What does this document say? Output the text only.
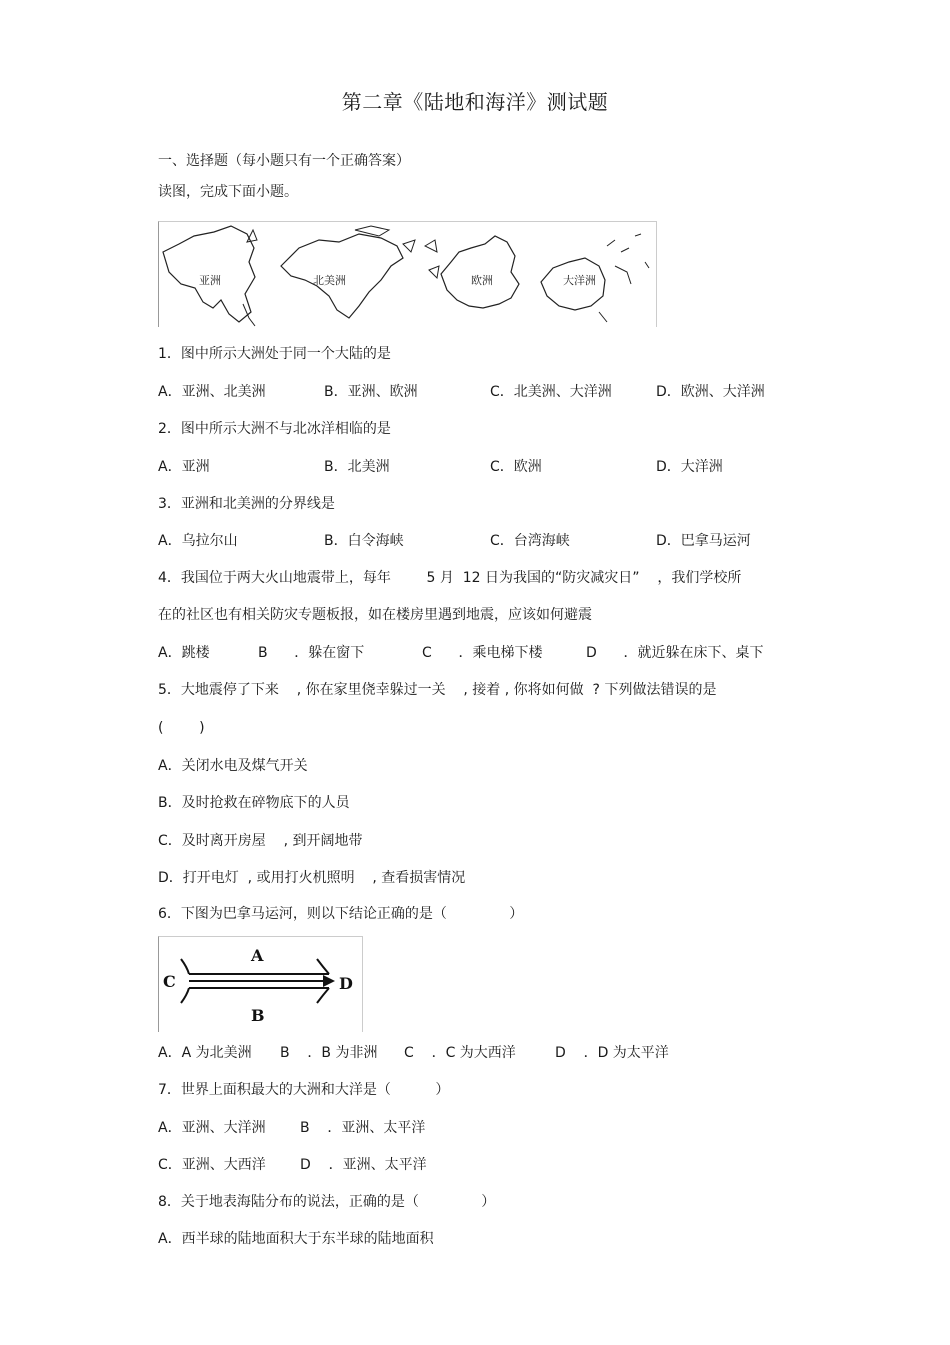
第二章《陆地和海洋》测试题
一、选择题（每小题只有一个正确答案）
读图，完成下面小题。
亚洲	北美洲	欧洲	大洋洲
1．图中所示大洲处于同一个大陆的是
A．亚洲、北美洲	B．亚洲、欧洲	C．北美洲、大洋洲	D．欧洲、大洋洲
2．图中所示大洲不与北冰洋相临的是
A．亚洲	B．北美洲	C．欧洲	D．大洋洲
3．亚洲和北美洲的分界线是
A．乌拉尔山	B．白令海峡	C．台湾海峡	D．巴拿马运河
4．我国位于两大火山地震带上，每年        5 月  12 日为我国的“防灾减灾日”    ，我们学校所
在的社区也有相关防灾专题板报，如在楼房里遇到地震，应该如何避震
A．跳楼	B      ．躲在窗下	C      ．乘电梯下楼	D      ．就近躲在床下、桌下
5．大地震停了下来    , 你在家里侥幸躲过一关    , 接着 , 你将如何做  ? 下列做法错误的是
(        )
A．关闭水电及煤气开关
B．及时抢救在碎物底下的人员
C．及时离开房屋    , 到开阔地带
D．打开电灯  , 或用打火机照明    , 查看损害情况
6．下图为巴拿马运河，则以下结论正确的是（              ）
A
B
C	D
A．A 为北美洲 B    ．B 为非洲 C    ．C 为大西洋	D    ．D 为太平洋
7．世界上面积最大的大洲和大洋是（          ）
A．亚洲、大洋洲 B    ．亚洲、太平洋
C．亚洲、大西洋 D    ．亚洲、太平洋
8．关于地表海陆分布的说法，正确的是（              ）
A．西半球的陆地面积大于东半球的陆地面积
